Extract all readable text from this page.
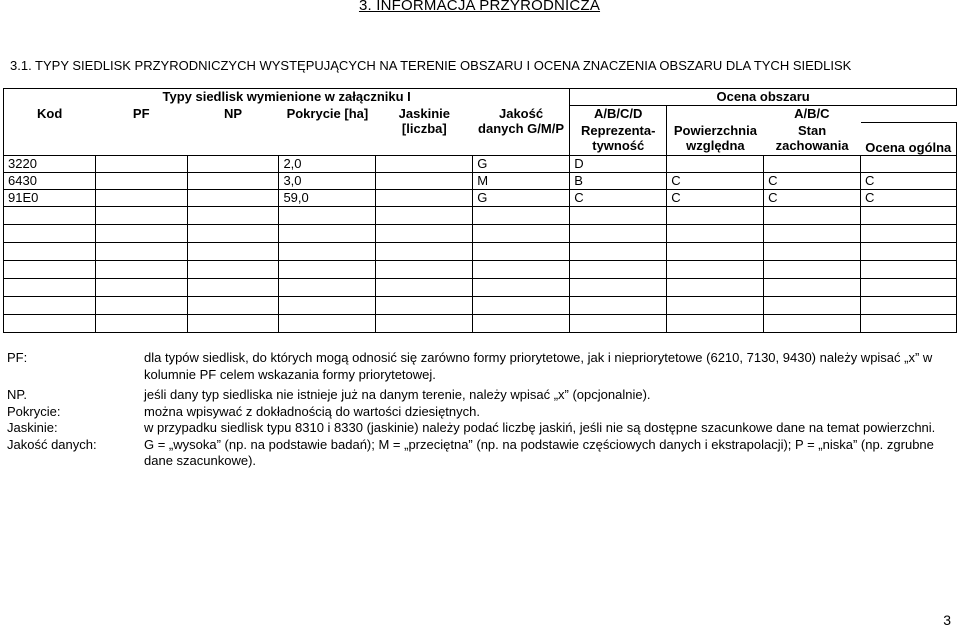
3. INFORMACJA PRZYRODNICZA
3.1. TYPY SIEDLISK PRZYRODNICZYCH WYSTĘPUJĄCYCH NA TERENIE OBSZARU I OCENA ZNACZENIA OBSZARU DLA TYCH SIEDLISK
Typy siedlisk wymienione w załączniku I						Ocena obszaru			
Kod	PF	NP	Pokrycie [ha]	Jaskinie [liczba]	Jakość danych G/M/P	A/B/C/D	A/B/C		
						Reprezenta-tywność	Powierzchnia względna	Stan zachowania	Ocena ogólna
3220			2,0		G	D			
6430			3,0		M	B	C	C	C
91E0			59,0		G	C	C	C	C

PF:	dla typów siedlisk, do których mogą odnosić się zarówno formy priorytetowe, jak i niepriorytetowe (6210, 7130, 9430) należy wpisać „x” w kolumnie PF celem wskazania formy priorytetowej.
NP.	jeśli dany typ siedliska nie istnieje już na danym terenie, należy wpisać „x” (opcjonalnie).
Pokrycie:	można wpisywać z dokładnością do wartości dziesiętnych.
Jaskinie:	w przypadku siedlisk typu 8310 i 8330 (jaskinie) należy podać liczbę jaskiń, jeśli nie są dostępne szacunkowe dane na temat powierzchni.
Jakość danych:	G = „wysoka” (np. na podstawie badań); M = „przeciętna” (np. na podstawie częściowych danych i ekstrapolacji); P = „niska” (np. zgrubne dane szacunkowe).
3
